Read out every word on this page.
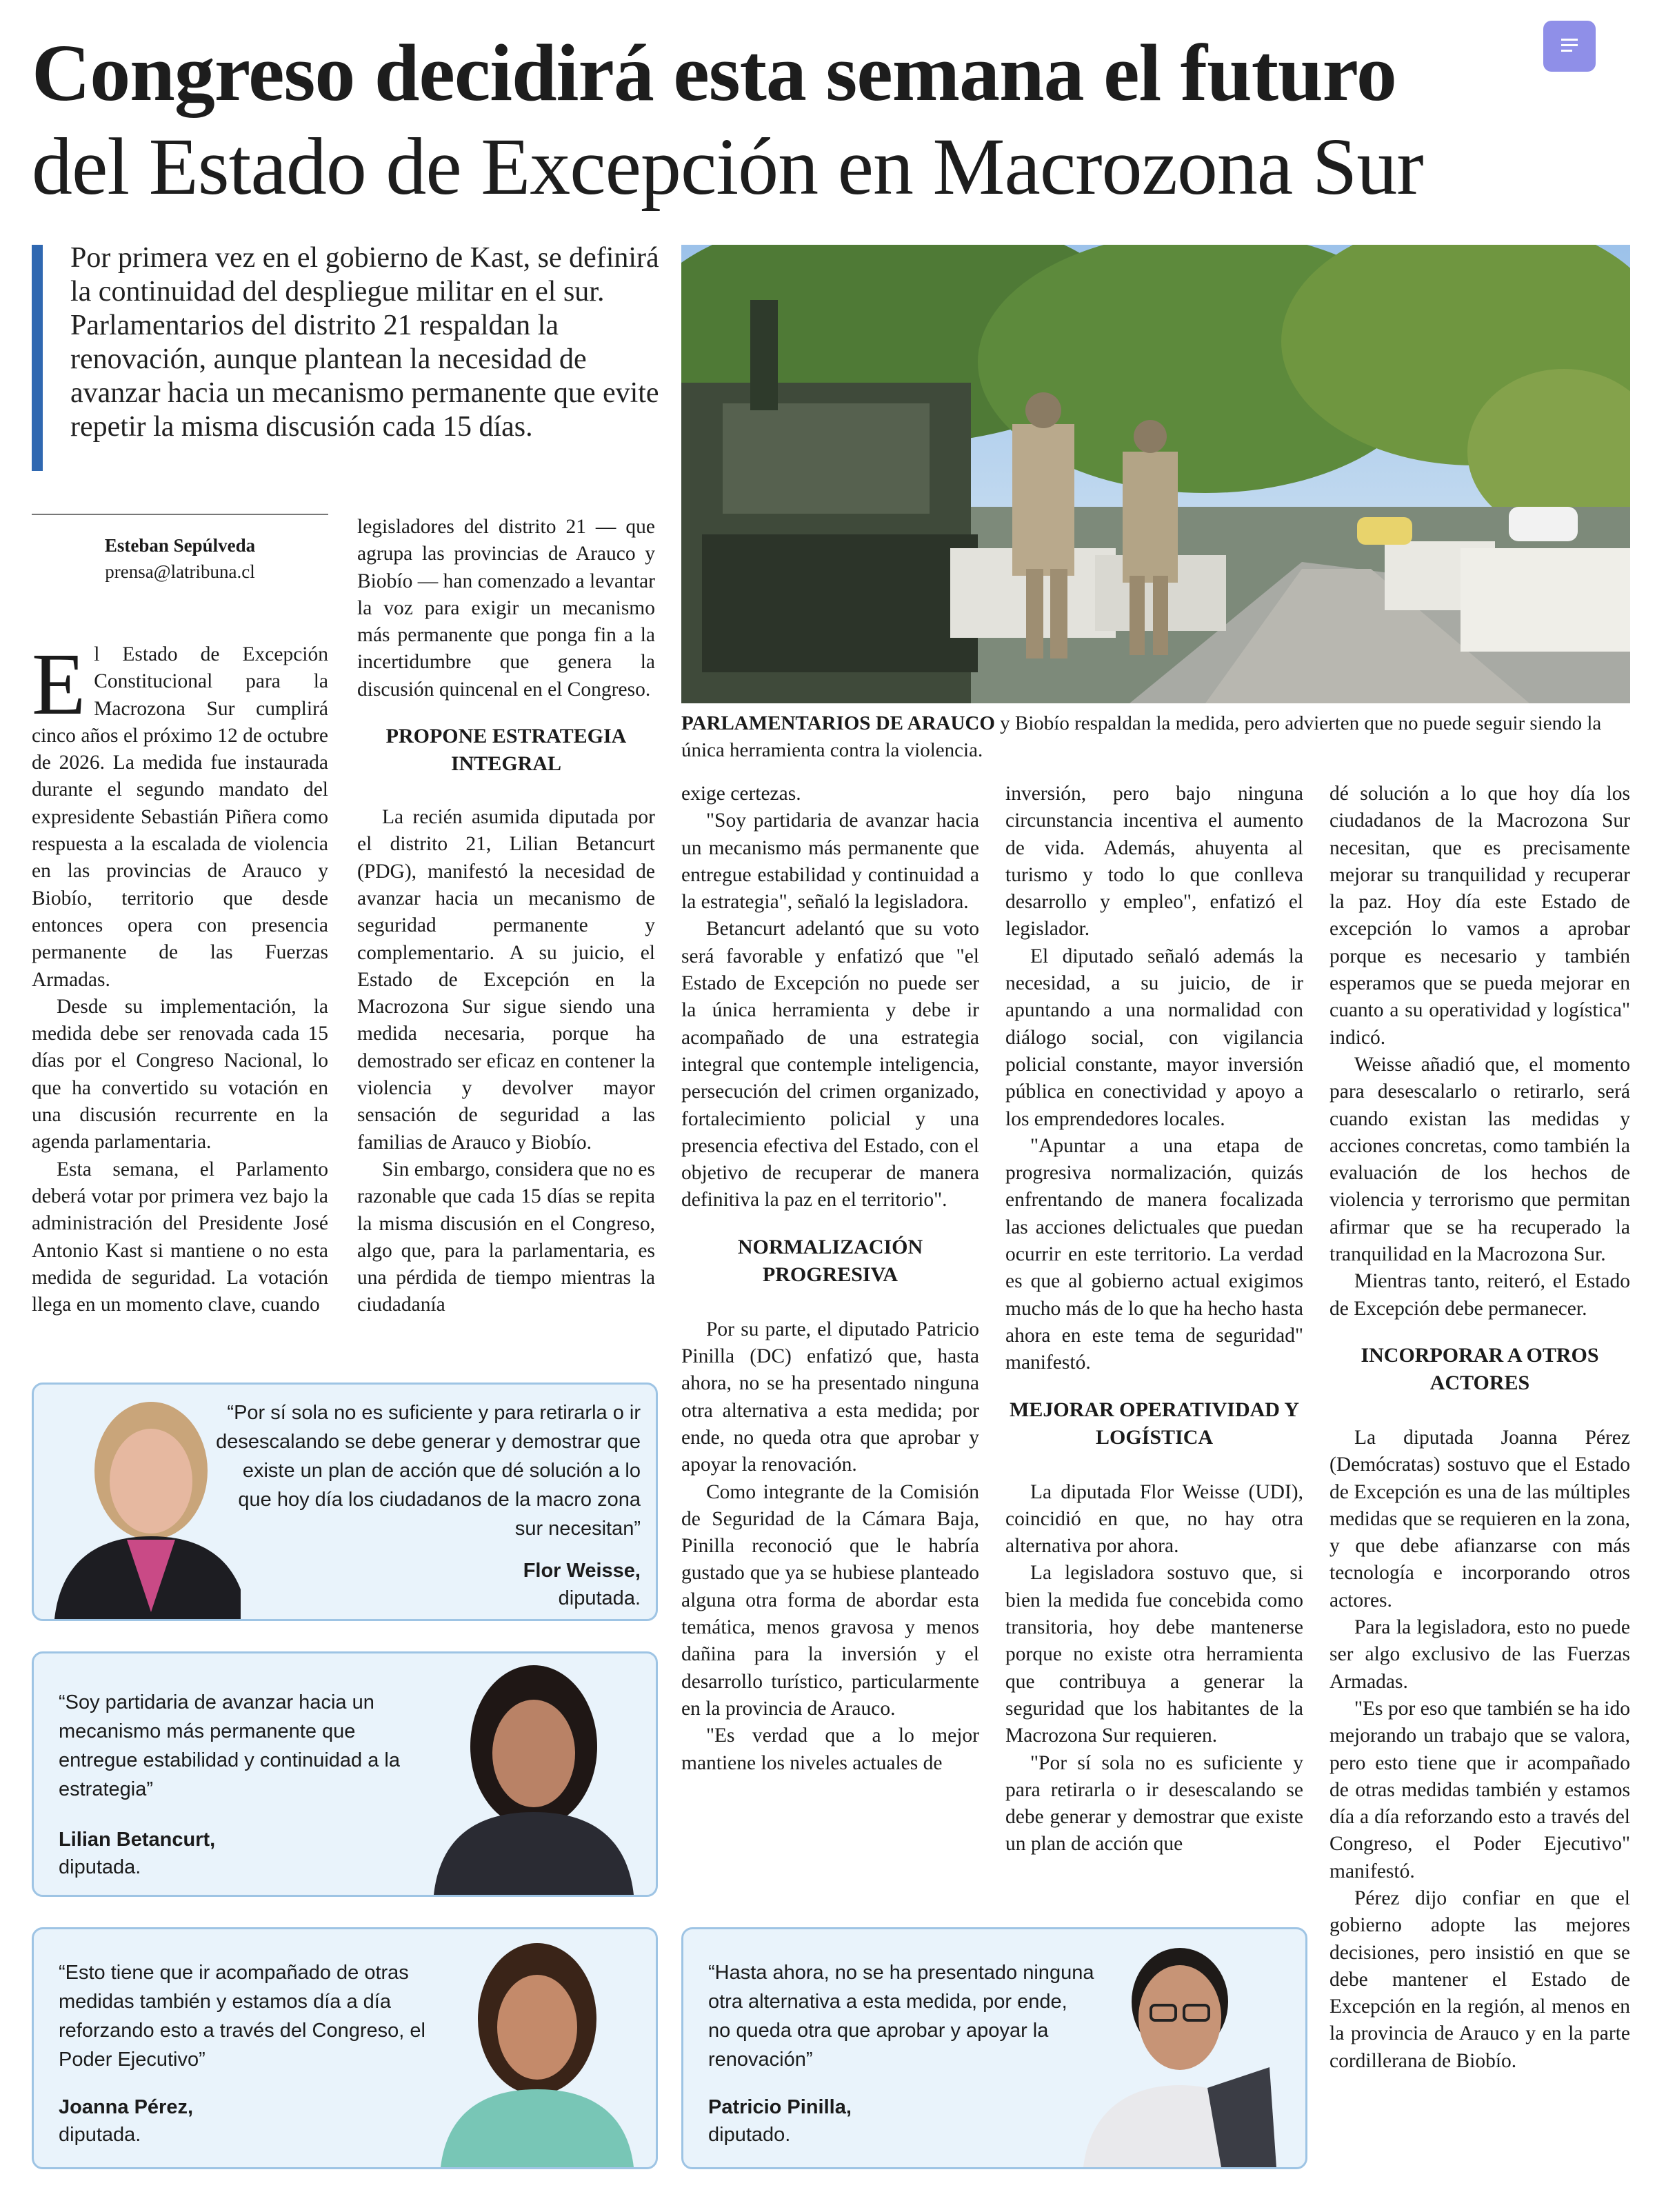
Congreso decidirá esta semana el futuro
del Estado de Excepción en Macrozona Sur

Por primera vez en el gobierno de Kast, se definirá la continuidad del despliegue militar en el sur. Parlamentarios del distrito 21 respaldan la renovación, aunque plantean la necesidad de avanzar hacia un mecanismo permanente que evite repetir la misma discusión cada 15 días.

Esteban Sepúlveda
prensa@latribuna.cl
PARLAMENTARIOS DE ARAUCO y Biobío respaldan la medida, pero advierten que no puede seguir siendo la única herramienta contra la violencia.

El Estado de Excepción Constitucional para la Macrozona Sur cumplirá cinco años el próximo 12 de octubre de 2026. La medida fue instaurada durante el segundo mandato del expresidente Sebastián Piñera como respuesta a la escalada de violencia en las provincias de Arauco y Biobío, territorio que desde entonces opera con presencia permanente de las Fuerzas Armadas.

Desde su implementación, la medida debe ser renovada cada 15 días por el Congreso Nacional, lo que ha convertido su votación en una discusión recurrente en la agenda parlamentaria.

Esta semana, el Parlamento deberá votar por primera vez bajo la administración del Presidente José Antonio Kast si mantiene o no esta medida de seguridad. La votación llega en un momento clave, cuando

legisladores del distrito 21 — que agrupa las provincias de Arauco y Biobío — han comenzado a levantar la voz para exigir un mecanismo más permanente que ponga fin a la incertidumbre que genera la discusión quincenal en el Congreso.

PROPONE ESTRATEGIA INTEGRAL

La recién asumida diputada por el distrito 21, Lilian Betancurt (PDG), manifestó la necesidad de avanzar hacia un mecanismo de seguridad permanente y complementario. A su juicio, el Estado de Excepción en la Macrozona Sur sigue siendo una medida necesaria, porque ha demostrado ser eficaz en contener la violencia y devolver mayor sensación de seguridad a las familias de Arauco y Biobío.

Sin embargo, considera que no es razonable que cada 15 días se repita la misma discusión en el Congreso, algo que, para la parlamentaria, es una pérdida de tiempo mientras la ciudadanía

exige certezas.

"Soy partidaria de avanzar hacia un mecanismo más permanente que entregue estabilidad y continuidad a la estrategia", señaló la legisladora.

Betancurt adelantó que su voto será favorable y enfatizó que "el Estado de Excepción no puede ser la única herramienta y debe ir acompañado de una estrategia integral que contemple inteligencia, persecución del crimen organizado, fortalecimiento policial y una presencia efectiva del Estado, con el objetivo de recuperar de manera definitiva la paz en el territorio".

NORMALIZACIÓN PROGRESIVA

Por su parte, el diputado Patricio Pinilla (DC) enfatizó que, hasta ahora, no se ha presentado ninguna otra alternativa a esta medida; por ende, no queda otra que aprobar y apoyar la renovación.

Como integrante de la Comisión de Seguridad de la Cámara Baja, Pinilla reconoció que le habría gustado que ya se hubiese planteado alguna otra forma de abordar esta temática, menos gravosa y menos dañina para la inversión y el desarrollo turístico, particularmente en la provincia de Arauco.

"Es verdad que a lo mejor mantiene los niveles actuales de

inversión, pero bajo ninguna circunstancia incentiva el aumento de vida. Además, ahuyenta al turismo y todo lo que conlleva desarrollo y empleo", enfatizó el legislador.

El diputado señaló además la necesidad, a su juicio, de ir apuntando a una normalidad con diálogo social, con vigilancia policial constante, mayor inversión pública en conectividad y apoyo a los emprendedores locales.

"Apuntar a una etapa de progresiva normalización, quizás enfrentando de manera focalizada las acciones delictuales que puedan ocurrir en este territorio. La verdad es que al gobierno actual exigimos mucho más de lo que ha hecho hasta ahora en este tema de seguridad" manifestó.

MEJORAR OPERATIVIDAD Y LOGÍSTICA

La diputada Flor Weisse (UDI), coincidió en que, no hay otra alternativa por ahora.

La legisladora sostuvo que, si bien la medida fue concebida como transitoria, hoy debe mantenerse porque no existe otra herramienta que contribuya a generar la seguridad que los habitantes de la Macrozona Sur requieren.

"Por sí sola no es suficiente y para retirarla o ir desescalando se debe generar y demostrar que existe un plan de acción que

dé solución a lo que hoy día los ciudadanos de la Macrozona Sur necesitan, que es precisamente mejorar su tranquilidad y recuperar la paz. Hoy día este Estado de excepción lo vamos a aprobar porque es necesario y también esperamos que se pueda mejorar en cuanto a su operatividad y logística" indicó.

Weisse añadió que, el momento para desescalarlo o retirarlo, será cuando existan las medidas y acciones concretas, como también la evaluación de los hechos de violencia y terrorismo que permitan afirmar que se ha recuperado la tranquilidad en la Macrozona Sur.

Mientras tanto, reiteró, el Estado de Excepción debe permanecer.

INCORPORAR A OTROS ACTORES

La diputada Joanna Pérez (Demócratas) sostuvo que el Estado de Excepción es una de las múltiples medidas que se requieren en la zona, y que debe afianzarse con más tecnología e incorporando otros actores.

Para la legisladora, esto no puede ser algo exclusivo de las Fuerzas Armadas.

"Es por eso que también se ha ido mejorando un trabajo que se valora, pero esto tiene que ir acompañado de otras medidas también y estamos día a día reforzando esto a través del Congreso, el Poder Ejecutivo" manifestó.

Pérez dijo confiar en que el gobierno adopte las mejores decisiones, pero insistió en que se debe mantener el Estado de Excepción en la región, al menos en la provincia de Arauco y en la parte cordillerana de Biobío.

“Por sí sola no es suficiente y para retirarla o ir desescalando se debe generar y demostrar que existe un plan de acción que dé solución a lo que hoy día los ciudadanos de la macro zona sur necesitan”
Flor Weisse,
diputada.
“Soy partidaria de avanzar hacia un mecanismo más permanente que entregue estabilidad y continuidad a la estrategia”
Lilian Betancurt,
diputada.
“Esto tiene que ir acompañado de otras medidas también y estamos día a día reforzando esto a través del Congreso, el Poder Ejecutivo”
Joanna Pérez,
diputada.
“Hasta ahora, no se ha presentado ninguna otra alternativa a esta medida, por ende, no queda otra que aprobar y apoyar la renovación”
Patricio Pinilla,
diputado.
